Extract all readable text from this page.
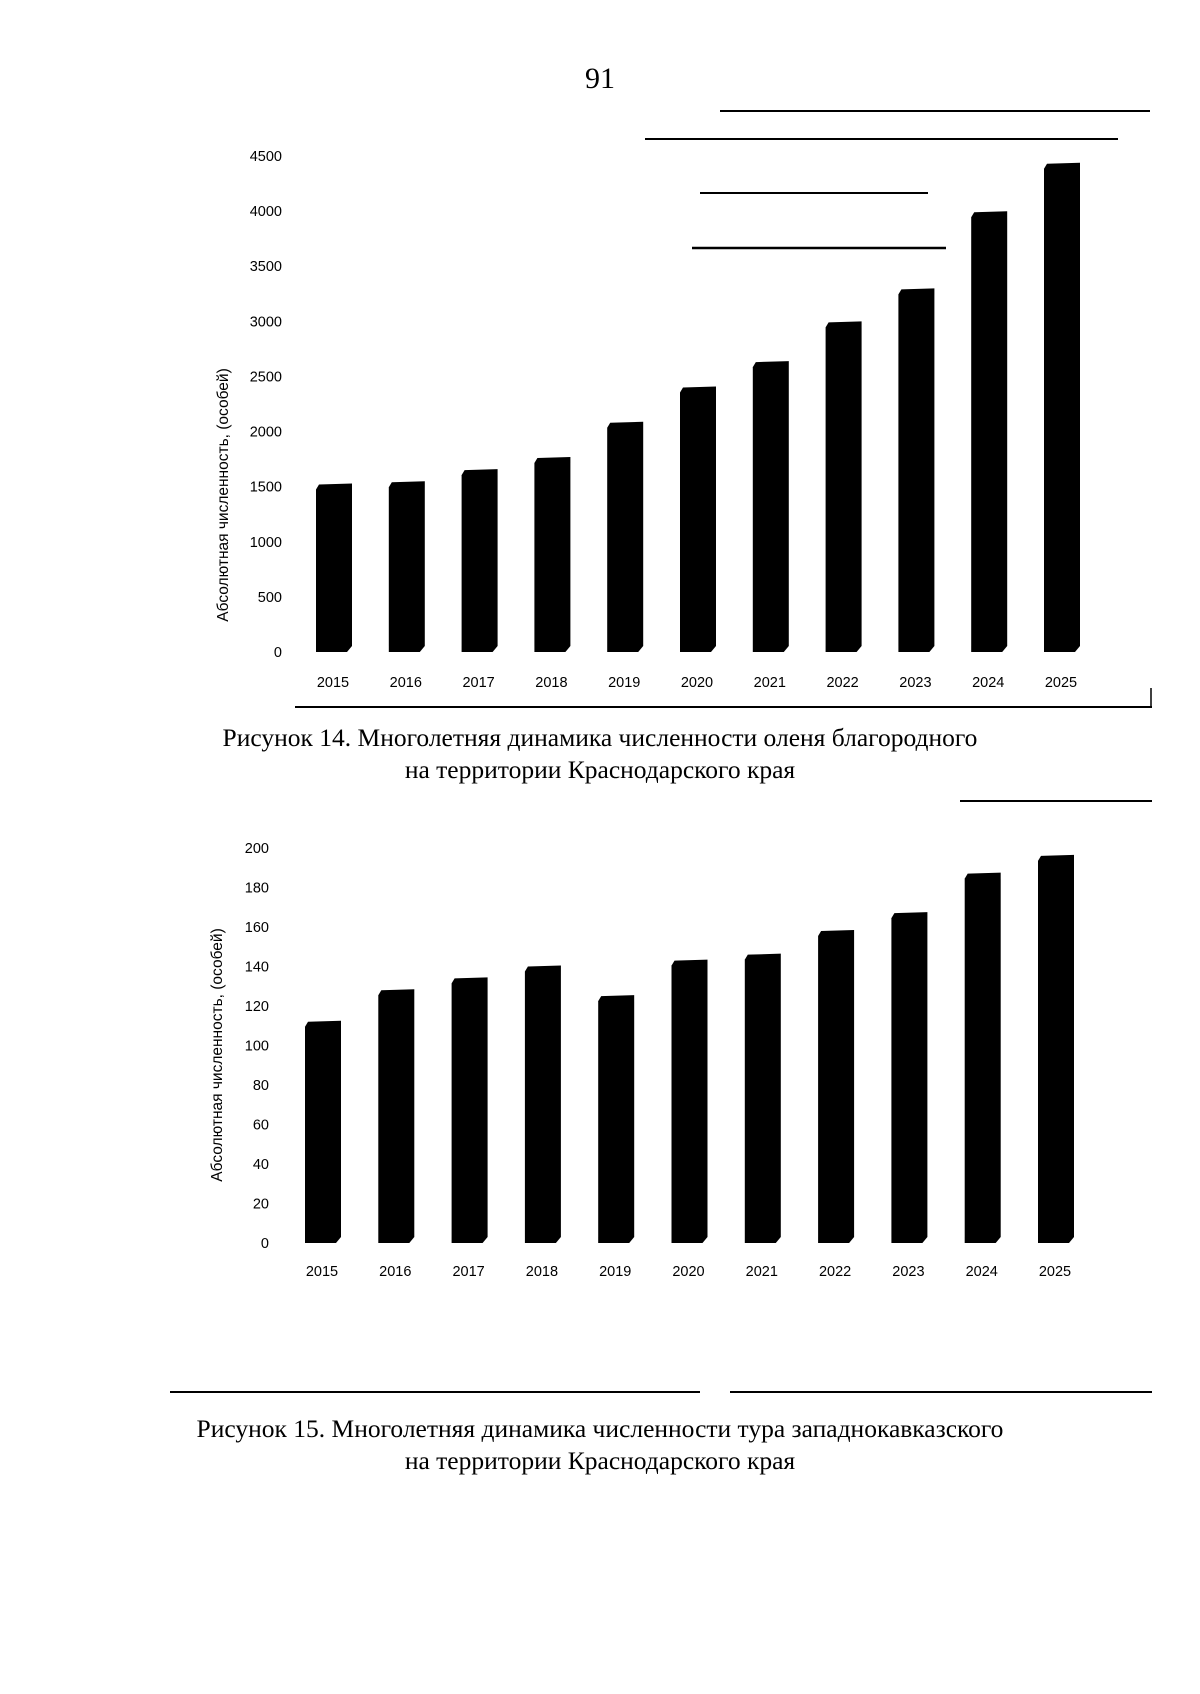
91
0
500
1000
1500
2000
2500
3000
3500
4000
4500
2015	2016	2017	2018	2019	2020	2021	2022	2023	2024	2025
Абсолютная численность, (особей)
Рисунок 14. Многолетняя динамика численности оленя благородного
на территории Краснодарского края
0
20
40
60
80
100
120
140
160
180
200
2015	2016	2017	2018	2019	2020	2021	2022	2023	2024	2025
Абсолютная численность, (особей)
Рисунок 15. Многолетняя динамика численности тура западнокавказского
на территории Краснодарского края
